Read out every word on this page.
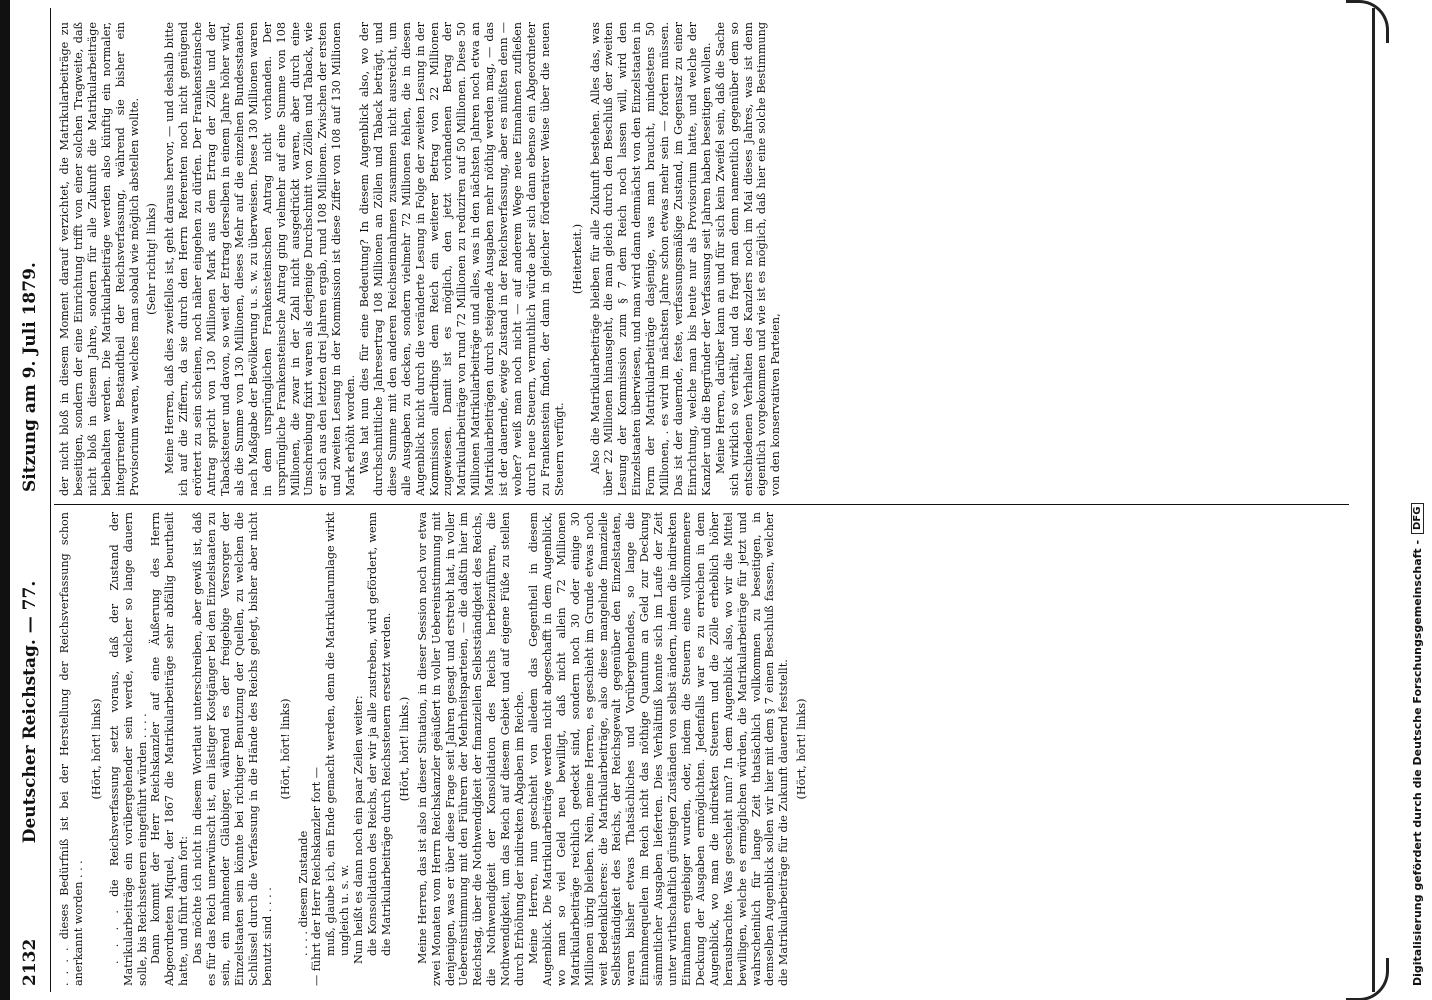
2132
Deutscher Reichstag. — 77.
Sitzung am 9. Juli 1879.

. . . . dieses Bedürfniß ist bei der Herstellung der Reichsverfassung schon anerkannt worden . . .

(Hört, hört! links) . . . . die Reichsverfassung setzt voraus, daß der Zustand der Matrikularbeiträge ein vorübergehender sein werde, welcher so lange dauern solle, bis Reichssteuern eingeführt würden . . . . Dann kommt der Herr Reichskanzler auf eine Äußerung des Herrn Abgeordneten Miquel, der 1867 die Matrikularbeiträge sehr abfällig beurtheilt hatte, und führt dann fort: Das möchte ich nicht in diesem Wortlaut unterschreiben, aber gewiß ist, daß es für das Reich unerwünscht ist, ein lästiger Kostgänger bei den Einzelstaaten zu sein, ein mahnender Gläubiger, während es der freigebige Versorger der Einzelstaaten sein könnte bei richtiger Benutzung der Quellen, zu welchen die Schlüssel durch die Verfassung in die Hände des Reichs gelegt, bisher aber nicht benutzt sind . . . .

(Hört, hört! links)

. . . . diesem Zustande — führt der Herr Reichskanzler fort — muß, glaube ich, ein Ende gemacht werden, denn die Matrikularumlage wirkt ungleich u. s. w. Nun heißt es dann noch ein paar Zeilen weiter: die Konsolidation des Reichs, der wir ja alle zustreben, wird gefördert, wenn die Matrikularbeiträge durch Reichssteuern ersetzt werden. (Hört, hört! links.) Meine Herren, das ist also in dieser Situation, in dieser Session noch vor etwa zwei Monaten vom Herrn Reichskanzler geäußert in voller Uebereinstimmung mit denjenigen, was er über diese Frage seit Jahren gesagt und erstrebt hat, in voller Uebereinstimmung mit den Führern der Mehrheitsparteien, — die daßtin hier im Reichstag, über die Nothwendigkeit der finanziellen Selbstständigkeit des Reichs, die Nothwendigkeit der Konsolidation des Reichs herbeizuführen, die Nothwendigkeit, um das Reich auf diesem Gebiet und auf eigene Füße zu stellen durch Erhöhung der indirekten Abgaben im Reiche. Meine Herren, nun geschieht von alledem das Gegentheil in diesem Augenblick. Die Matrikularbeiträge werden nicht abgeschafft in dem Augenblick, wo man so viel Geld neu bewilligt, daß nicht allein 72 Millionen Matrikularbeiträge reichlich gedeckt sind, sondern noch 30 oder einige 30 Millionen übrig bleiben. Nein, meine Herren, es geschieht im Grunde etwas noch weit Bedenklicheres: die Matrikularbeiträge, also diese mangelnde finanzielle Selbstständigkeit des Reichs, der Reichsgewalt gegenüber den Einzelstaaten, waren bisher etwas Thatsächliches und Vorübergehendes, so lange die Einnahmequellen im Reich nicht das nöthige Quantum an Geld zur Deckung sämmtlicher Ausgaben lieferten. Dies Verhältniß konnte sich im Laufe der Zeit unter wirthschaftlich günstigen Zuständen von selbst ändern, indem die indirekten Einnahmen ergiebiger wurden, oder, indem die Steuern eine vollkommenere Deckung der Ausgaben ermöglichten. Jedenfalls war es zu erreichen in dem Augenblick, wo man die indirekten Steuern und die Zölle erheblich höher herausbrachte. Was geschieht nun? In dem Augenblick also, wo wir die Mittel bewilligen, welche es ermöglichen würden, die Matrikularbeiträge für jetzt und wahrscheinlich für lange Zeit thatsächlich vollkommen zu beseitigen, in demselben Augenblick sollen wir hier mit dem § 7 einen Beschluß fassen, welcher die Matrikularbeiträge für die Zukunft dauernd feststellt. (Hört, hört! links)

der nicht bloß in diesem Moment darauf verzichtet, die Matrikularbeiträge zu beseitigen, sondern der eine Einrichtung trifft von einer solchen Tragweite, daß nicht bloß in diesem Jahre, sondern für alle Zukunft die Matrikularbeiträge beibehalten werden. Die Matrikularbeiträge werden also künftig ein normaler, integrirender Bestandtheil der Reichsverfassung, während sie bisher ein Provisorium waren, welches man sobald wie möglich abstellen wollte. (Sehr richtig! links) Meine Herren, daß dies zweifellos ist, geht daraus hervor, — und deshalb bitte ich auf die Ziffern, da sie durch den Herrn Referenten noch nicht genügend erörtert zu sein scheinen, noch näher eingehen zu dürfen. Der Frankensteinsche Antrag spricht von 130 Millionen Mark aus dem Ertrag der Zölle und der Tabacksteuer und davon, so weit der Ertrag derselben in einem Jahre höher wird, als die Summe von 130 Millionen, dieses Mehr auf die einzelnen Bundesstaaten nach Maßgabe der Bevölkerung u. s. w. zu überweisen. Diese 130 Millionen waren in dem ursprünglichen Frankensteinschen Antrag nicht vorhanden. Der ursprüngliche Frankensteinsche Antrag ging vielmehr auf eine Summe von 108 Millionen, die zwar in der Zahl nicht ausgedrückt waren, aber durch eine Umschreibung fixirt waren als derjenige Durchschnitt von Zöllen und Taback, wie er sich aus den letzten drei Jahren ergab, rund 108 Millionen. Zwischen der ersten und zweiten Lesung in der Kommission ist diese Ziffer von 108 auf 130 Millionen Mark erhöht worden. Was hat nun dies für eine Bedeutung? In diesem Augenblick also, wo der durchschnittliche Jahresertrag 108 Millionen an Zöllen und Taback beträgt, und diese Summe mit den anderen Reichseinnahmen zusammen nicht ausreicht, um alle Ausgaben zu decken, sondern vielmehr 72 Millionen fehlen, die in diesen Augenblick nicht durch die veränderte Lesung in Folge der zweiten Lesung in der Kommission allerdings dem Reich ein weiterer Betrag von 22 Millionen zugewiesen. Damit ist es möglich, den jetzt vorhandenen Betrag der Matrikularbeiträge von rund 72 Millionen zu reduziren auf 50 Millionen. Diese 50 Millionen Matrikularbeiträge und alles, was in den nächsten Jahren noch etwa an Matrikularbeiträgen durch steigende Ausgaben mehr nöthig werden mag, — das ist der dauernde, ewige Zustand in der Reichsverfassung, aber es müßten denn — woher? weiß man noch nicht — auf anderem Wege neue Einnahmen zufließen durch neue Steuern, vermuthlich würde aber sich dann ebenso ein Abgeordneter zu Frankenstein finden, der dann in gleicher förderativer Weise über die neuen Steuern verfügt.

(Heiterkeit.) Also die Matrikularbeiträge bleiben für alle Zukunft bestehen. Alles das, was über 22 Millionen hinausgeht, die man gleich durch den Beschluß der zweiten Lesung der Kommission zum § 7 dem Reich noch lassen will, wird den Einzelstaaten überwiesen, und man wird dann demnächst von den Einzelstaaten in Form der Matrikularbeiträge dasjenige, was man braucht, mindestens 50 Millionen, . es wird im nächsten Jahre schon etwas mehr sein — fordern müssen. Das ist der dauernde, feste, verfassungsmäßige Zustand, im Gegensatz zu einer Einrichtung, welche man bis heute nur als Provisorium hatte, und welche der Kanzler und die Begründer der Verfassung seit Jahren haben beseitigen wollen. Meine Herren, darüber kann an und für sich kein Zweifel sein, daß die Sache sich wirklich so verhält, und da fragt man denn namentlich gegenüber dem so entschiedenen Verhalten des Kanzlers noch im Mai dieses Jahres, was ist denn eigentlich vorgekommen und wie ist es möglich, daß hier eine solche Bestimmung von den konservativen Parteien,

Digitalisierung gefördert durch die Deutsche Forschungsgemeinschaft -
DFG
